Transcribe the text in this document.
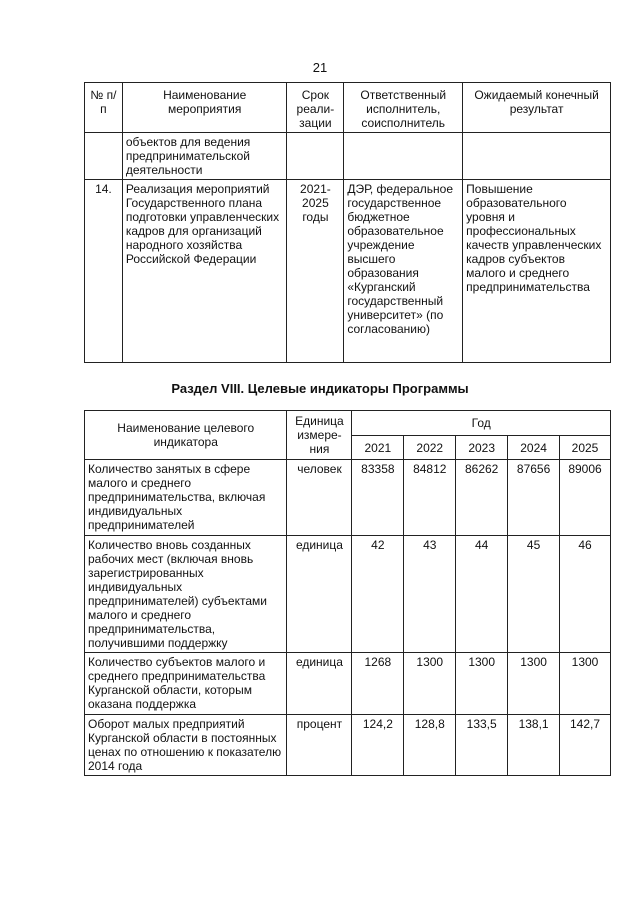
21
№ п/п	Наименование мероприятия	Срок реали-зации	Ответственный исполнитель, соисполнитель	Ожидаемый конечный результат
	объектов для ведения предпринимательской деятельности			
14.	Реализация мероприятий Государственного плана подготовки управленческих кадров для организаций народного хозяйства Российской Федерации	2021-2025 годы	ДЭР, федеральное государственное бюджетное образовательное учреждение высшего образования «Курганский государственный университет» (по согласованию)	Повышение образовательного уровня и профессиональных качеств управленческих кадров субъектов малого и среднего предпринимательства
Раздел VIII. Целевые индикаторы Программы
Наименование целевого индикатора	Единица измере-ния	Год				
		2021	2022	2023	2024	2025
Количество занятых в сфере малого и среднего предпринимательства, включая индивидуальных предпринимателей	человек	83358	84812	86262	87656	89006
Количество вновь созданных рабочих мест (включая вновь зарегистрированных индивидуальных предпринимателей) субъектами малого и среднего предпринимательства, получившими поддержку	единица	42	43	44	45	46
Количество субъектов малого и среднего предпринимательства Курганской области, которым оказана поддержка	единица	1268	1300	1300	1300	1300
Оборот малых предприятий Курганской области в постоянных ценах по отношению к показателю 2014 года	процент	124,2	128,8	133,5	138,1	142,7
